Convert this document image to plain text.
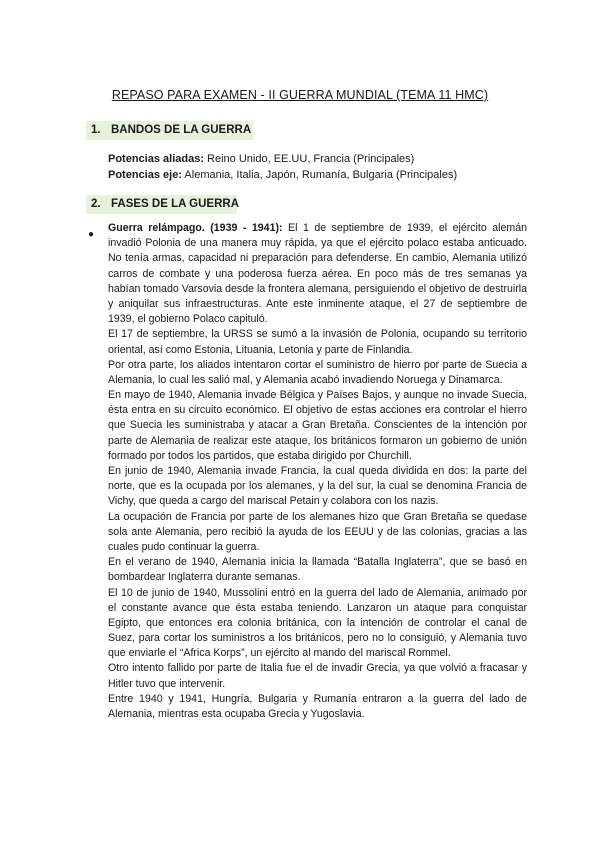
REPASO PARA EXAMEN - II GUERRA MUNDIAL (TEMA 11 HMC)
1. BANDOS DE LA GUERRA
Potencias aliadas: Reino Unido, EE.UU, Francia (Principales)
Potencias eje: Alemania, Italia, Japón, Rumanía, Bulgaria (Principales)
2. FASES DE LA GUERRA
●

Guerra relámpago. (1939 - 1941): El 1 de septiembre de 1939, el ejército alemán invadió Polonia de una manera muy rápida, ya que el ejército polaco estaba anticuado. No tenía armas, capacidad ni preparación para defenderse. En cambio, Alemania utilizó carros de combate y una poderosa fuerza aérea. En poco más de tres semanas ya habían tomado Varsovia desde la frontera alemana, persiguiendo el objetivo de destruirla y aniquilar sus infraestructuras. Ante este inminente ataque, el 27 de septiembre de 1939, el gobierno Polaco capituló.

El 17 de septiembre, la URSS se sumó a la invasión de Polonia, ocupando su territorio oriental, así como Estonia, Lituania, Letonia y parte de Finlandia.

Por otra parte, los aliados intentaron cortar el suministro de hierro por parte de Suecia a Alemania, lo cual les salió mal, y Alemania acabó invadiendo Noruega y Dinamarca.

En mayo de 1940, Alemania invade Bélgica y Países Bajos, y aunque no invade Suecia, ésta entra en su circuito económico. El objetivo de estas acciones era controlar el hierro que Suecia les suministraba y atacar a Gran Bretaña. Conscientes de la intención por parte de Alemania de realizar este ataque, los británicos formaron un gobierno de unión formado por todos los partidos, que estaba dirigido por Churchill.

En junio de 1940, Alemania invade Francia, la cual queda dividida en dos: la parte del norte, que es la ocupada por los alemanes, y la del sur, la cual se denomina Francia de Vichy, que queda a cargo del mariscal Petain y colabora con los nazis.

La ocupación de Francia por parte de los alemanes hizo que Gran Bretaña se quedase sola ante Alemania, pero recibió la ayuda de los EEUU y de las colonias, gracias a las cuales pudo continuar la guerra.

En el verano de 1940, Alemania inicia la llamada “Batalla Inglaterra”, que se basó en bombardear Inglaterra durante semanas.

El 10 de junio de 1940, Mussolini entró en la guerra del lado de Alemania, animado por el constante avance que ésta estaba teniendo. Lanzaron un ataque para conquistar Egipto, que entonces era colonia británica, con la intención de controlar el canal de Suez, para cortar los suministros a los británicos, pero no lo consiguió, y Alemania tuvo que enviarle el “Africa Korps”, un ejército al mando del mariscal Rommel.

Otro intento fallido por parte de Italia fue el de invadir Grecia, ya que volvió a fracasar y Hitler tuvo que intervenir.

Entre 1940 y 1941, Hungría, Bulgaria y Rumanía entraron a la guerra del lado de Alemania, mientras esta ocupaba Grecia y Yugoslavia.
